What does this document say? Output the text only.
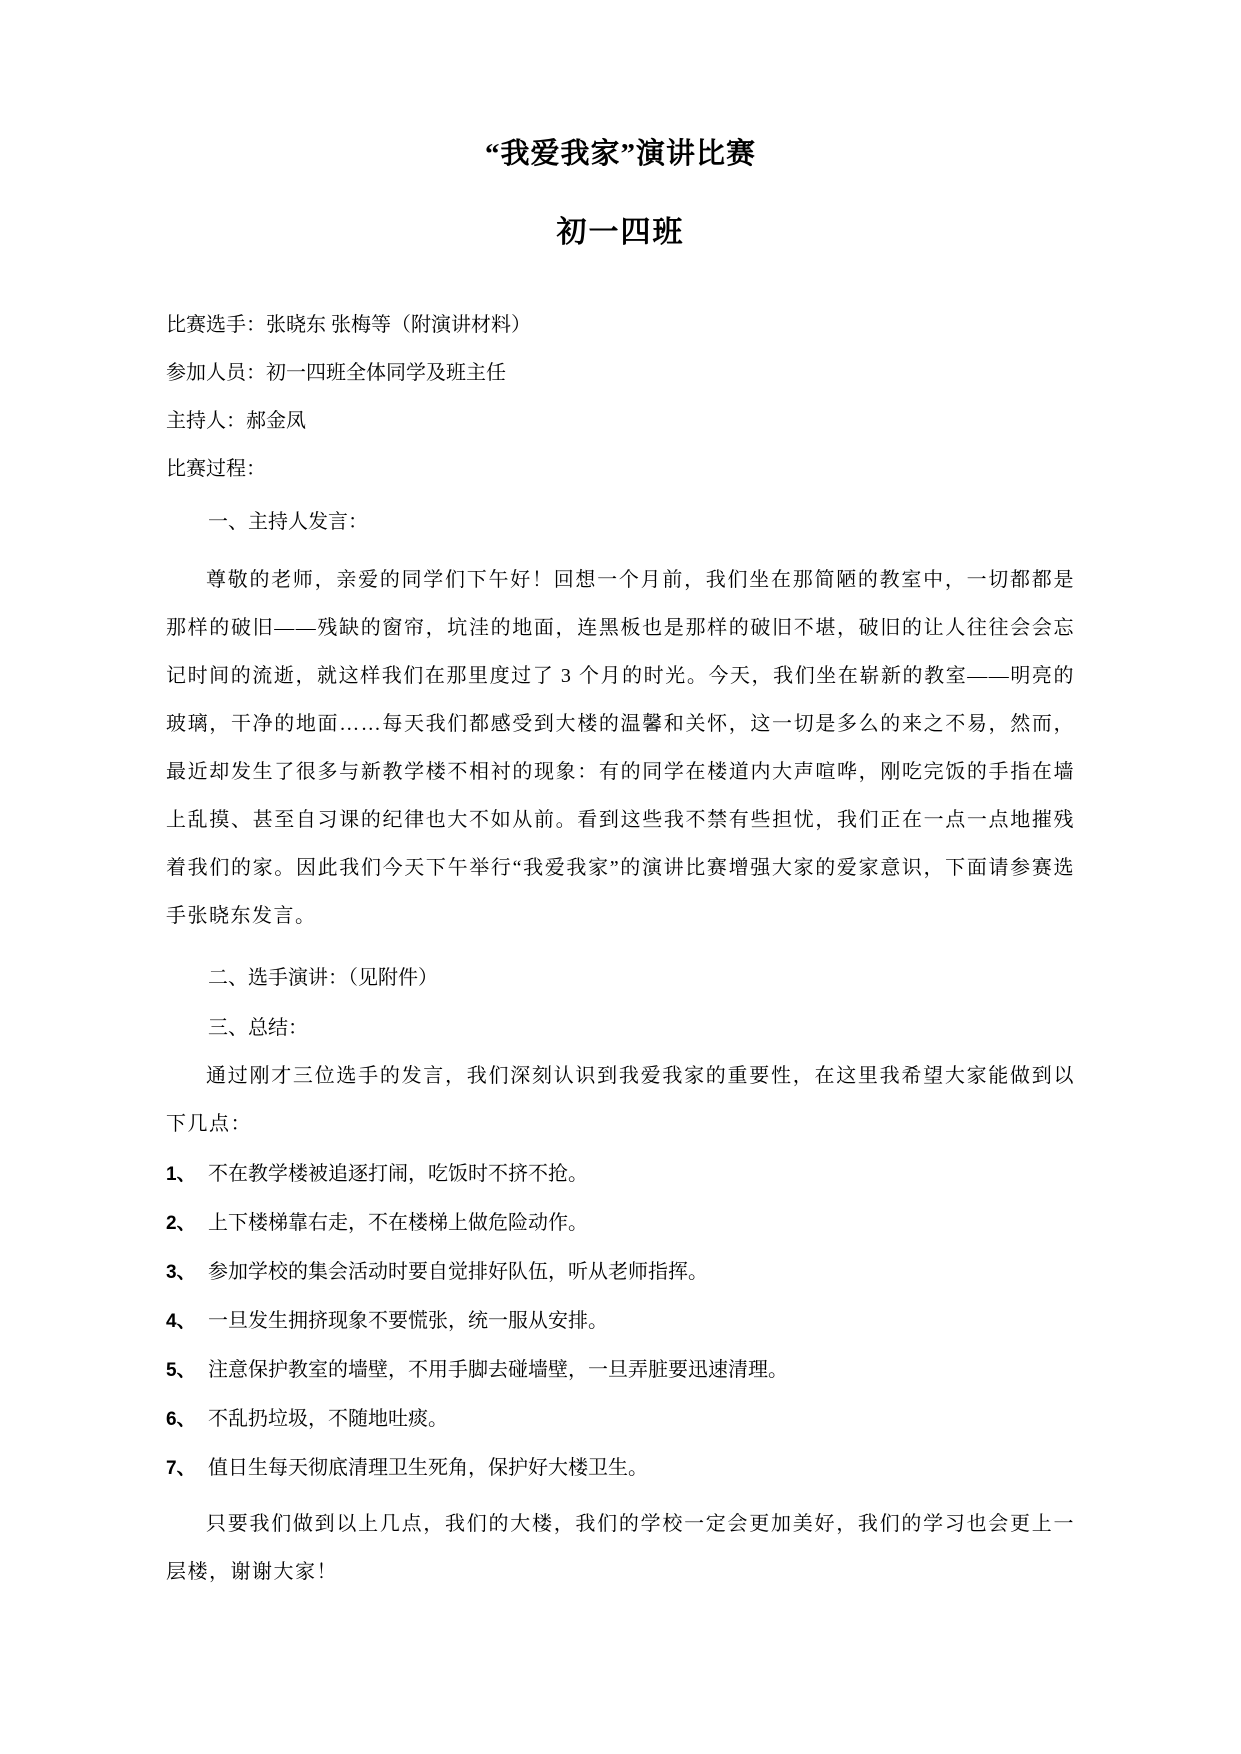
“我爱我家”演讲比赛
初一四班
比赛选手：张晓东 张梅等（附演讲材料）
参加人员：初一四班全体同学及班主任
主持人：郝金凤
比赛过程：
一、主持人发言：
尊敬的老师，亲爱的同学们下午好！回想一个月前，我们坐在那简陋的教室中，一切都都是那样的破旧——残缺的窗帘，坑洼的地面，连黑板也是那样的破旧不堪，破旧的让人往往会会忘记时间的流逝，就这样我们在那里度过了 3 个月的时光。今天，我们坐在崭新的教室——明亮的玻璃，干净的地面……每天我们都感受到大楼的温馨和关怀，这一切是多么的来之不易，然而，最近却发生了很多与新教学楼不相衬的现象：有的同学在楼道内大声喧哗，刚吃完饭的手指在墙上乱摸、甚至自习课的纪律也大不如从前。看到这些我不禁有些担忧，我们正在一点一点地摧残着我们的家。因此我们今天下午举行“我爱我家”的演讲比赛增强大家的爱家意识，下面请参赛选手张晓东发言。
二、选手演讲：（见附件）
三、总结：
通过刚才三位选手的发言，我们深刻认识到我爱我家的重要性，在这里我希望大家能做到以下几点：
1、 不在教学楼被追逐打闹，吃饭时不挤不抢。
2、 上下楼梯靠右走，不在楼梯上做危险动作。
3、 参加学校的集会活动时要自觉排好队伍，听从老师指挥。
4、 一旦发生拥挤现象不要慌张，统一服从安排。
5、 注意保护教室的墙壁，不用手脚去碰墙壁，一旦弄脏要迅速清理。
6、 不乱扔垃圾，不随地吐痰。
7、 值日生每天彻底清理卫生死角，保护好大楼卫生。
只要我们做到以上几点，我们的大楼，我们的学校一定会更加美好，我们的学习也会更上一层楼，谢谢大家！
